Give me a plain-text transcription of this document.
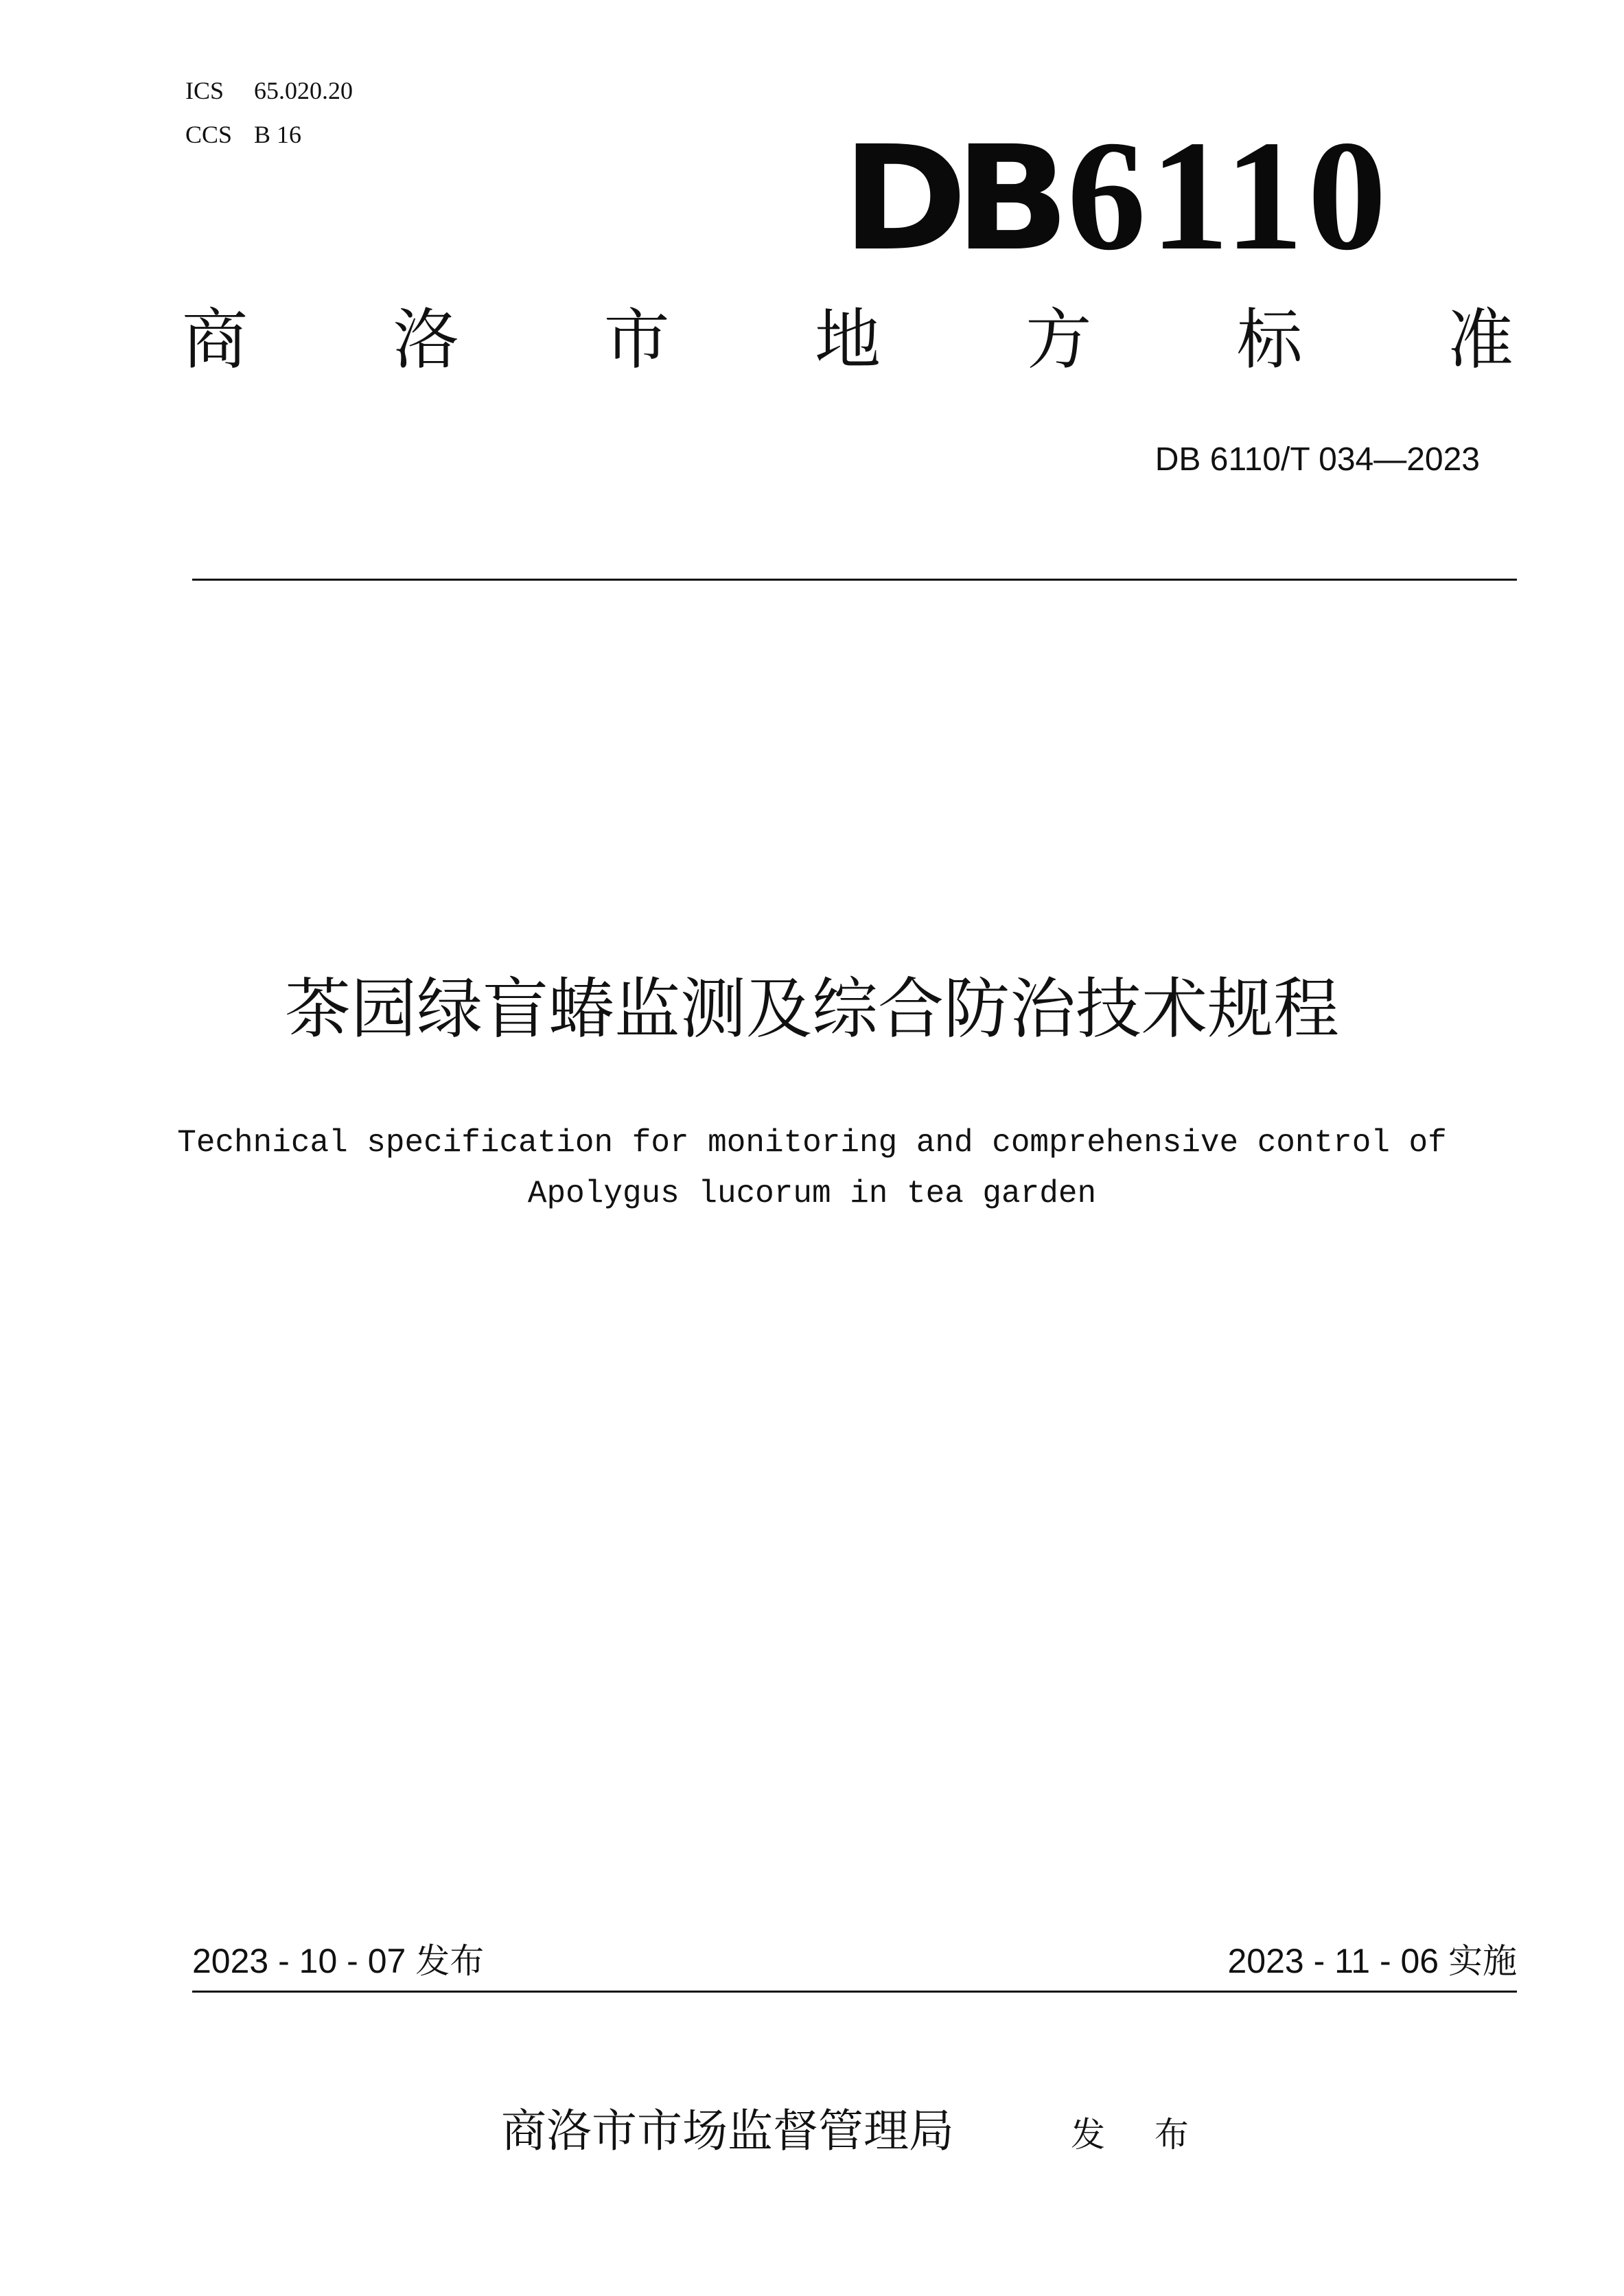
ICS 65.020.20
CCS B 16	DB6110
商 洛 市 地 方 标 准
DB 6110/T 034—2023
茶园绿盲蝽监测及综合防治技术规程
Technical specification for monitoring and comprehensive control of
Apolygus lucorum in tea garden
2023 - 10 - 07 发布	2023 - 11 - 06 实施
商洛市市场监督管理局	发 布
